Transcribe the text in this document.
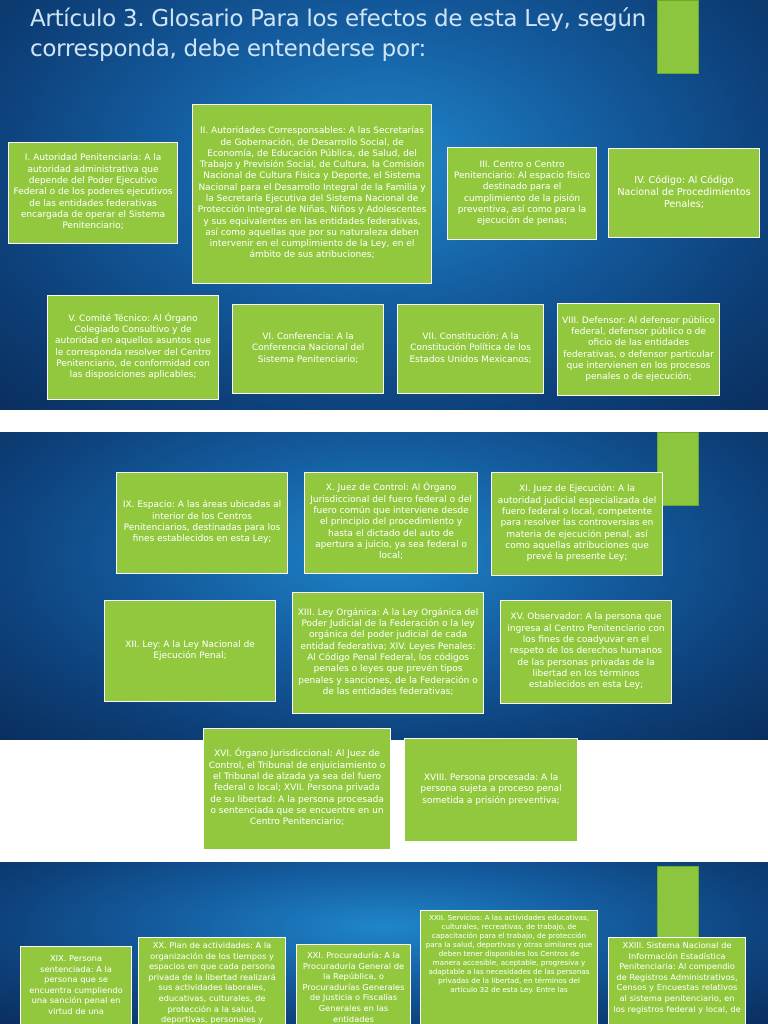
Artículo 3. Glosario Para los efectos de esta Ley, según corresponda, debe entenderse por:
I. Autoridad Penitenciaria: A la autoridad administrativa que depende del Poder Ejecutivo Federal o de los poderes ejecutivos de las entidades federativas encargada de operar el Sistema Penitenciario;
II. Autoridades Corresponsables: A las Secretarías de Gobernación, de Desarrollo Social, de Economía, de Educación Pública, de Salud, del Trabajo y Previsión Social, de Cultura, la Comisión Nacional de Cultura Física y Deporte, el Sistema Nacional para el Desarrollo Integral de la Familia y la Secretaría Ejecutiva del Sistema Nacional de Protección Integral de Niñas, Niños y Adolescentes y sus equivalentes en las entidades federativas, así como aquellas que por su naturaleza deben intervenir en el cumplimiento de la Ley, en el ámbito de sus atribuciones;
III. Centro o Centro Penitenciario: Al espacio físico destinado para el cumplimiento de la pisión preventiva, así como para la ejecución de penas;
IV. Código: Al Código Nacional de Procedimientos Penales;
V. Comité Técnico: Al Órgano Colegiado Consultivo y de autoridad en aquellos asuntos que le corresponda resolver del Centro Penitenciario, de conformidad con las disposiciones aplicables;
VI. Conferencia: A la Conferencia Nacional del Sistema Penitenciario;
VII. Constitución: A la Constitución Política de los Estados Unidos Mexicanos;
VIII. Defensor: Al defensor público federal, defensor público o de oficio de las entidades federativas, o defensor particular que intervienen en los procesos penales o de ejecución;
IX. Espacio: A las áreas ubicadas al interior de los Centros Penitenciarios, destinadas para los fines establecidos en esta Ley;
X. Juez de Control: Al Órgano Jurisdiccional del fuero federal o del fuero común que interviene desde el principio del procedimiento y hasta el dictado del auto de apertura a juicio, ya sea federal o local;
XI. Juez de Ejecución: A la autoridad judicial especializada del fuero federal o local, competente para resolver las controversias en materia de ejecución penal, así como aquellas atribuciones que prevé la presente Ley;
XII. Ley: A la Ley Nacional de Ejecución Penal;
XIII. Ley Orgánica: A la Ley Orgánica del Poder Judicial de la Federación o la ley orgánica del poder judicial de cada entidad federativa; XIV. Leyes Penales: Al Código Penal Federal, los códigos penales o leyes que prevén tipos penales y sanciones, de la Federación o de las entidades federativas;
XV. Observador: A la persona que ingresa al Centro Penitenciario con los fines de coadyuvar en el respeto de los derechos humanos de las personas privadas de la libertad en los términos establecidos en esta Ley;
XVI. Órgano Jurisdiccional: Al Juez de Control, el Tribunal de enjuiciamiento o el Tribunal de alzada ya sea del fuero federal o local; XVII. Persona privada de su libertad: A la persona procesada o sentenciada que se encuentre en un Centro Penitenciario;
XVIII. Persona procesada: A la persona sujeta a proceso penal sometida a prisión preventiva;
XIX. Persona sentenciada: A la persona que se encuentra cumpliendo una sanción penal en virtud de una
XX. Plan de actividades: A la organización de los tiempos y espacios en que cada persona privada de la libertad realizará sus actividades laborales, educativas, culturales, de protección a la salud, deportivas, personales y
XXI. Procuraduría: A la Procuraduría General de la República, o Procuradurías Generales de Justicia o Fiscalías Generales en las entidades
XXII. Servicios: A las actividades educativas, culturales, recreativas, de trabajo, de capacitación para el trabajo, de protección para la salud, deportivas y otras similares que deben tener disponibles los Centros de manera accesible, aceptable, progresiva y adaptable a las necesidades de las personas privadas de la libertad, en términos del artículo 32 de esta Ley. Entre las
XXIII. Sistema Nacional de Información Estadística Penitenciaria: Al compendio de Registros Administrativos, Censos y Encuestas relativos al sistema penitenciario, en los registros federal y local, de
